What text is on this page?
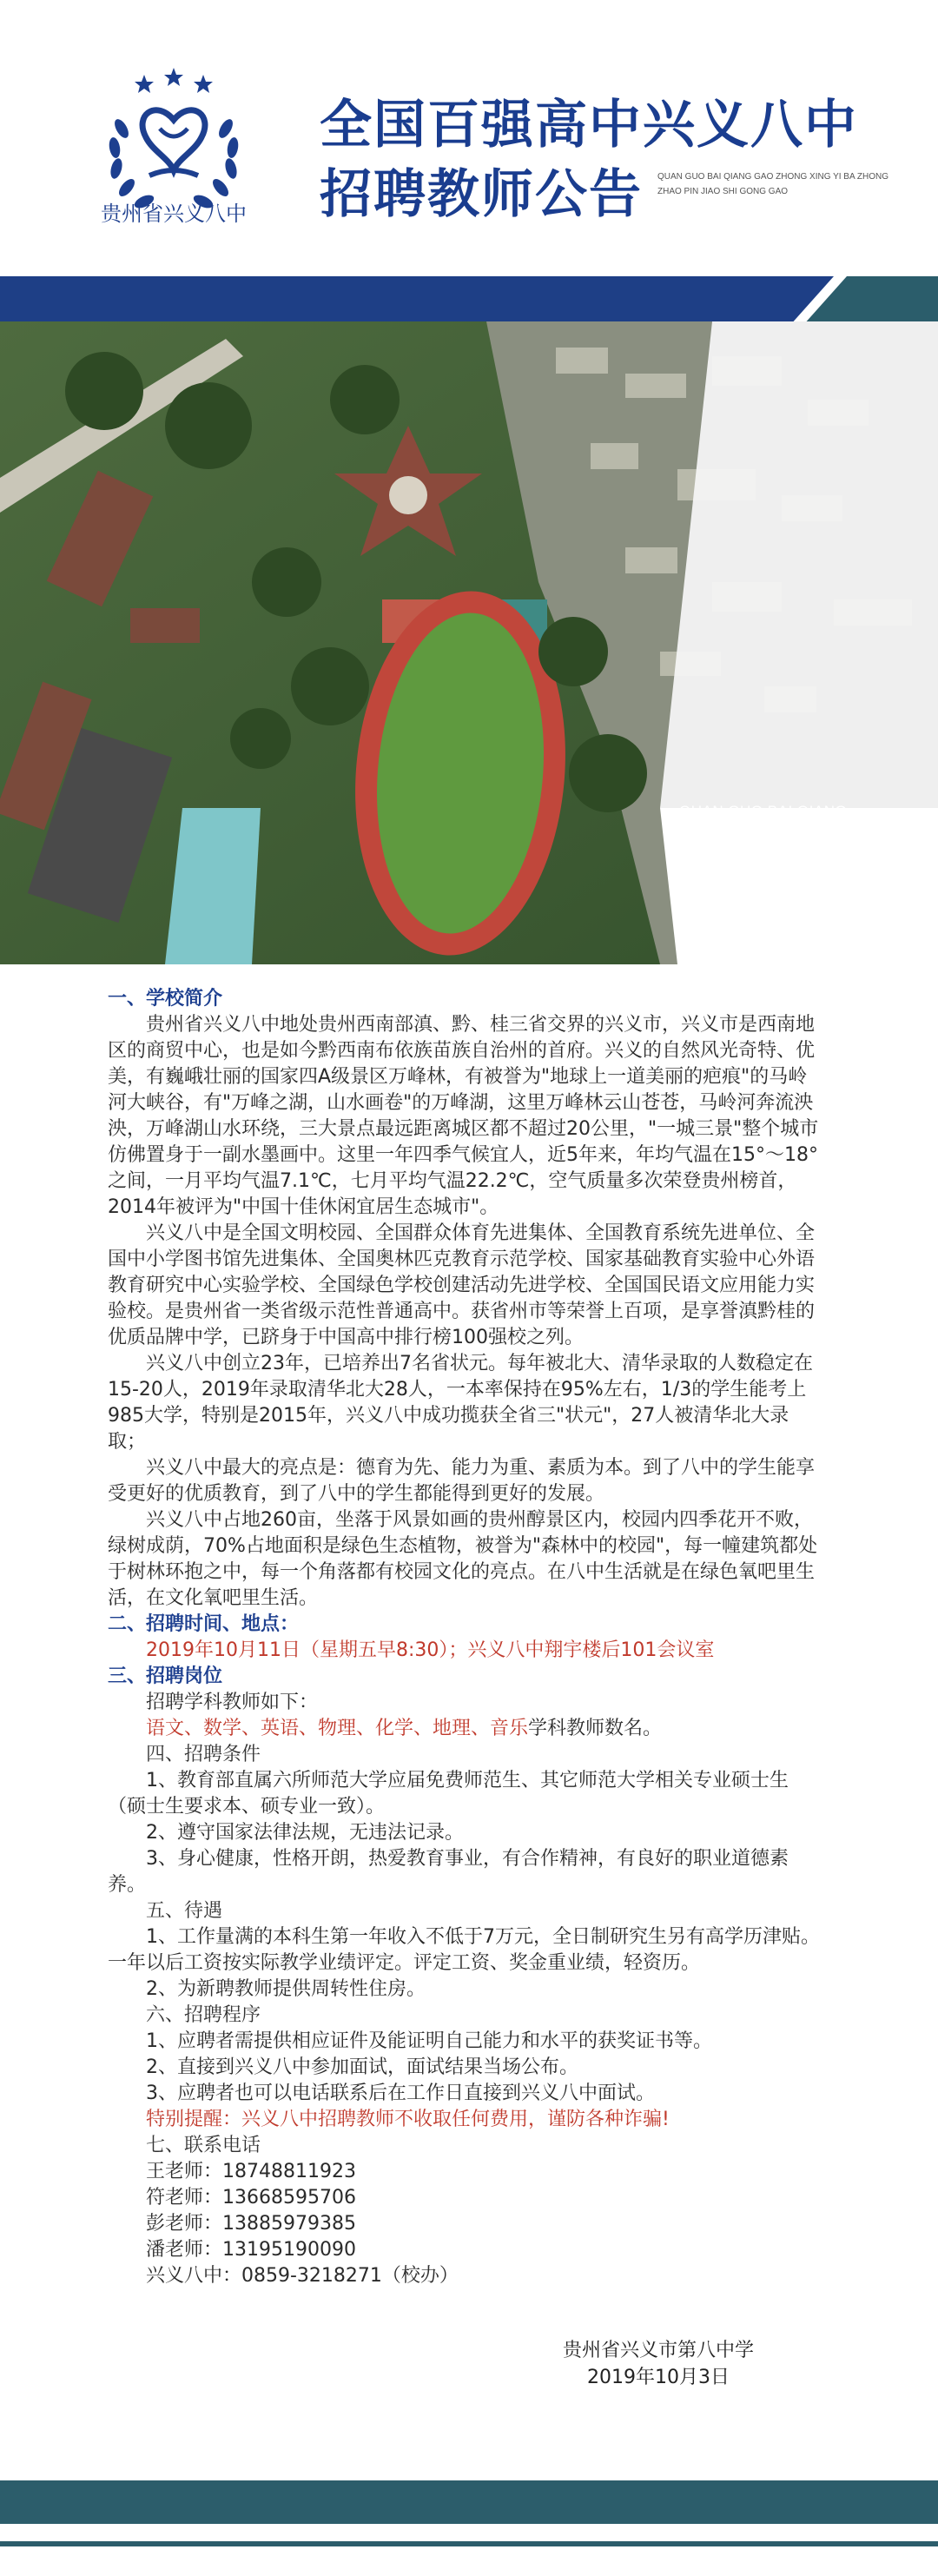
贵州省兴义八中
全国百强高中兴义八中
招聘教师公告 QUAN GUO BAI QIANG GAO ZHONG XING YI BA ZHONG
ZHAO PIN JIAO SHI GONG GAO
QUAN GUO BAI QIANG
GAO ZHONG XING YI BA
ZHONG
ZHAO PIN JIAO SHI GONG
GAO

一、学校简介

贵州省兴义八中地处贵州西南部滇、黔、桂三省交界的兴义市，兴义市是西南地区的商贸中心，也是如今黔西南布依族苗族自治州的首府。兴义的自然风光奇特、优美，有巍峨壮丽的国家四A级景区万峰林，有被誉为"地球上一道美丽的疤痕"的马岭河大峡谷，有"万峰之湖，山水画卷"的万峰湖，这里万峰林云山苍苍，马岭河奔流泱泱，万峰湖山水环绕，三大景点最远距离城区都不超过20公里，"一城三景"整个城市仿佛置身于一副水墨画中。这里一年四季气候宜人，近5年来，年均气温在15°～18°之间，一月平均气温7.1℃，七月平均气温22.2℃，空气质量多次荣登贵州榜首，2014年被评为"中国十佳休闲宜居生态城市"。

兴义八中是全国文明校园、全国群众体育先进集体、全国教育系统先进单位、全国中小学图书馆先进集体、全国奥林匹克教育示范学校、国家基础教育实验中心外语教育研究中心实验学校、全国绿色学校创建活动先进学校、全国国民语文应用能力实验校。是贵州省一类省级示范性普通高中。获省州市等荣誉上百项，是享誉滇黔桂的优质品牌中学，已跻身于中国高中排行榜100强校之列。

兴义八中创立23年，已培养出7名省状元。每年被北大、清华录取的人数稳定在15-20人，2019年录取清华北大28人，一本率保持在95%左右，1/3的学生能考上985大学，特别是2015年，兴义八中成功揽获全省三"状元"，27人被清华北大录取；

兴义八中最大的亮点是：德育为先、能力为重、素质为本。到了八中的学生能享受更好的优质教育，到了八中的学生都能得到更好的发展。

兴义八中占地260亩，坐落于风景如画的贵州醇景区内，校园内四季花开不败，绿树成荫，70%占地面积是绿色生态植物，被誉为"森林中的校园"，每一幢建筑都处于树林环抱之中，每一个角落都有校园文化的亮点。在八中生活就是在绿色氧吧里生活，在文化氧吧里生活。

二、招聘时间、地点：

2019年10月11日（星期五早8:30）；兴义八中翔宇楼后101会议室

三、招聘岗位

招聘学科教师如下：

语文、数学、英语、物理、化学、地理、音乐学科教师数名。

四、招聘条件

1、教育部直属六所师范大学应届免费师范生、其它师范大学相关专业硕士生（硕士生要求本、硕专业一致）。

2、遵守国家法律法规，无违法记录。

3、身心健康，性格开朗，热爱教育事业，有合作精神，有良好的职业道德素养。

五、待遇

1、工作量满的本科生第一年收入不低于7万元，全日制研究生另有高学历津贴。一年以后工资按实际教学业绩评定。评定工资、奖金重业绩，轻资历。

2、为新聘教师提供周转性住房。

六、招聘程序

1、应聘者需提供相应证件及能证明自己能力和水平的获奖证书等。

2、直接到兴义八中参加面试，面试结果当场公布。

3、应聘者也可以电话联系后在工作日直接到兴义八中面试。

特别提醒：兴义八中招聘教师不收取任何费用，谨防各种诈骗!

七、联系电话

王老师：18748811923

符老师：13668595706

彭老师：13885979385

潘老师：13195190090

兴义八中：0859-3218271（校办）

贵州省兴义市第八中学
2019年10月3日
